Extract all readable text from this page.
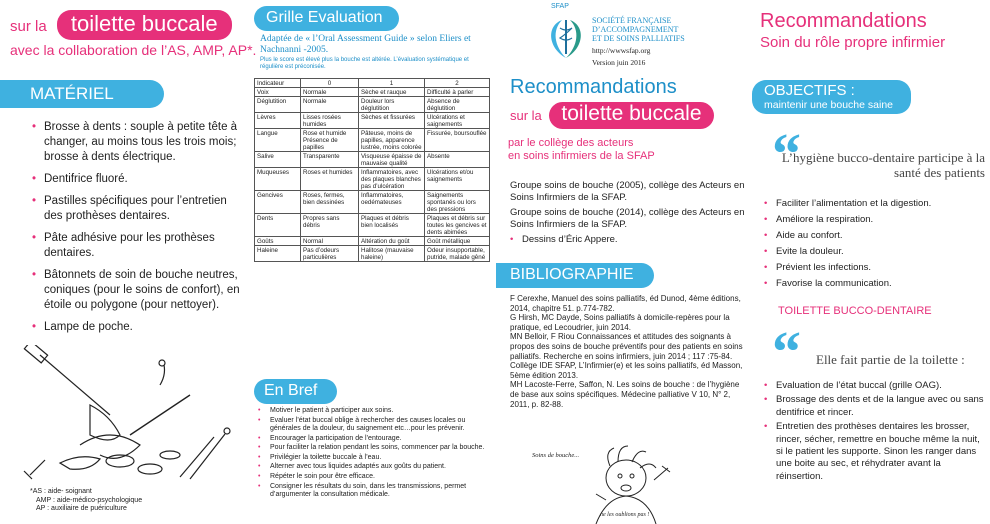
sur la toilette buccale
avec la collaboration de l’AS, AMP, AP*.
MATÉRIEL
• Brosse à dents : souple à petite tête à changer, au moins tous les trois mois; brosse à dents électrique.
• Dentifrice fluoré.
• Pastilles spécifiques pour l’entretien des prothèses dentaires.
• Pâte adhésive pour les prothèses dentaires.
• Bâtonnets de soin de bouche neutres, coniques (pour le soins de confort), en étoile ou polygone (pour nettoyer).
• Lampe de poche.
*AS : aide- soignant
AMP : aide-médico-psychologique
AP : auxiliaire de puériculture
Grille Evaluation
Adaptée de « l’Oral Assessment Guide » selon Eliers et Nachnanni -2005.
Plus le score est élevé plus la bouche est altérée. L’évaluation systématique et régulière est préconisée.
Indicateur	0	1	2
Voix	Normale	Sèche et rauque	Difficulté à parler
Déglutition	Normale	Douleur lors déglutition	Absence de déglutition
Lèvres	Lisses rosées humides	Sèches et fissurées	Ulcérations et saignements
Langue	Rose et humide Présence de papilles	Pâteuse, moins de papilles, apparence lustrée, moins colorée	Fissurée, boursouflée
Salive	Transparente	Visqueuse épaisse de mauvaise qualité	Absente
Muqueuses	Roses et humides	Inflammatoires, avec des plaques blanches pas d’ulcération	Ulcérations et/ou saignements
Gencives	Roses, fermes, bien dessinées	Inflammatoires, oedémateuses	Saignements spontanés ou lors des pressions
Dents	Propres sans débris	Plaques et débris bien localisés	Plaques et débris sur toutes les gencives et dents abimées
Goûts	Normal	Altération du goût	Goût métallique
Haleine	Pas d’odeurs particulières	Halitose (mauvaise haleine)	Odeur insupportable, putride, malade gêné
En Bref
• Motiver le patient à participer aux soins.
• Evaluer l’état buccal oblige à rechercher des causes locales ou générales de la douleur, du saignement etc…pour les prévenir.
• Encourager la participation de l’entourage.
• Pour faciliter la relation pendant les soins, commencer par la bouche.
• Privilégier la toilette buccale à l’eau.
• Alterner avec tous liquides adaptés aux goûts du patient.
• Répéter le soin pour être efficace.
• Consigner les résultats du soin, dans les transmissions, permet d’argumenter la consultation médicale.
SFAP
SOCIÉTÉ FRANÇAISE
D’ACCOMPAGNEMENT
ET DE SOINS PALLIATIFS
http://wwwsfap.org
Version juin 2016
Recommandations
sur la toilette buccale
par le collège des acteurs
en soins infirmiers de la SFAP

Groupe soins de bouche (2005), collège des Acteurs en Soins Infirmiers de la SFAP.

Groupe soins de bouche (2014), collège des Acteurs en Soins Infirmiers de la SFAP.

• Dessins d’Éric Appere.
BIBLIOGRAPHIE

F Cerexhe, Manuel des soins palliatifs, éd Dunod, 4ème éditions, 2014, chapitre 51. p.774-782.

G Hirsh, MC Dayde, Soins palliatifs à domicile-repères pour la pratique, ed Lecoudrier, juin 2014.

MN Belloir, F Riou Connaissances et attitudes des soignants à propos des soins de bouche préventifs pour des patients en soins palliatifs. Recherche en soins infirmiers, juin 2014 ; 117 :75-84.

Collège IDE SFAP, L’Infirmier(e) et les soins palliatifs, éd Masson, 5ème édition 2013.

MH Lacoste-Ferre, Saffon, N. Les soins de bouche : de l’hygiène de base aux soins spécifiques. Médecine palliative V 10, N° 2, 2011, p. 82-88.

Soins de bouche...
ne les oublions pas !
Recommandations
Soin du rôle propre infirmier
OBJECTIFS :
maintenir une bouche saine
“
L’hygiène bucco-dentaire participe à la santé des patients
• Faciliter l’alimentation et la digestion.
• Améliore la respiration.
• Aide au confort.
• Evite la douleur.
• Prévient les infections.
• Favorise la communication.
TOILETTE BUCCO-DENTAIRE
“ Elle fait partie de la toilette :
• Evaluation de l’état buccal (grille OAG).
• Brossage des dents et de la langue avec ou sans dentifrice et rincer.
• Entretien des prothèses dentaires les brosser, rincer, sécher, remettre en bouche même la nuit, si le patient les supporte. Sinon les ranger dans une boite au sec, et réhydrater avant la réinsertion.
